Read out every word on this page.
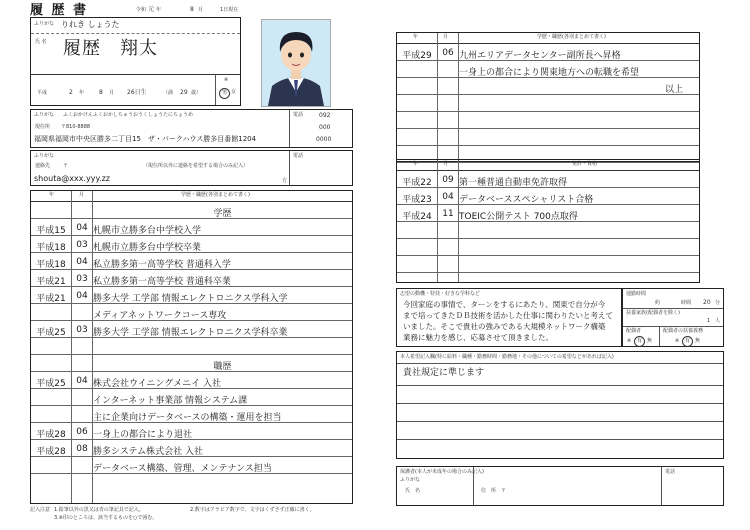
履 歴 書	令和 元 年	8 月	1日現在
ふりがな りれき しょうた
氏 名 履歴　翔太
平成	2 年 8 月 26日生	（満 29 歳）
※
男 女
ふりがな ふくおかけんふくおかしちゅうおうくしょうたにちょうめ
現住所 〒810-8888
福岡県福岡市中央区勝多二丁目15　ザ・パークハウス勝多目番館1204
電話	092
000
0000
ふりがな
連絡先	〒	（現住所以外に連絡を希望する場合のみ記入）
shouta@xxx.yyy.zz
電話
方
年	月	学歴・職歴(各別まとめて書く)
学歴
平成15	04 札幌市立勝多台中学校入学
平成18	03 札幌市立勝多台中学校卒業
平成18	04 私立勝多第一高等学校 普通科入学
平成21	03 私立勝多第一高等学校 普通科卒業
平成21	04 勝多大学 工学部 情報エレクトロニクス学科入学
メディアネットワークコース専攻
平成25	03 勝多大学 工学部 情報エレクトロニクス学科卒業
職歴
平成25	04 株式会社ウイニングメニイ 入社
インターネット事業部 情報システム課
主に企業向けデータベースの構築・運用を担当
平成28	06 一身上の都合により退社
平成28	08 勝多システム株式会社 入社
データベース構築、管理、メンテナンス担当
記入注意 1.鉛筆以外の黒又は青の筆記具で記入。	2.数字はアラビア数字で、文字はくずさず正確に書く。
3.※印のところは、該当するものを○で囲む。
年	月	学歴・職歴(各別まとめて書く)
平成29	06 九州エリアデータセンター副所長へ昇格
一身上の都合により関東地方への転職を希望
以上
年	月	免許・資格
平成22	09 第一種普通自動車免許取得
平成23	04 データベーススペシャリスト合格
平成24	11 TOEIC公開テスト 700点取得
志望の動機・特技・好きな学科など
今回家庭の事情で、ターンをするにあたり、関東で自分が今
まで培ってきたＤＢ技術を活かした仕事に関わりたいと考えて
いました。そこで貴社の強みである大規模ネットワーク構築
業務に魅力を感じ、応募させて頂きました。
通勤時間
約	時間 20 分
扶養家族(配偶者を除く)
1 人
配偶者	配偶者の扶養義務
※	有	無	※	有	無
本人希望記入欄(特に給料・職種・勤務時間・勤務地・その他についての希望などがあれば記入)
貴社規定に準じます
保護者(本人が未成年の場合のみ記入)
ふりがな
氏　名	住　所　〒
電話
